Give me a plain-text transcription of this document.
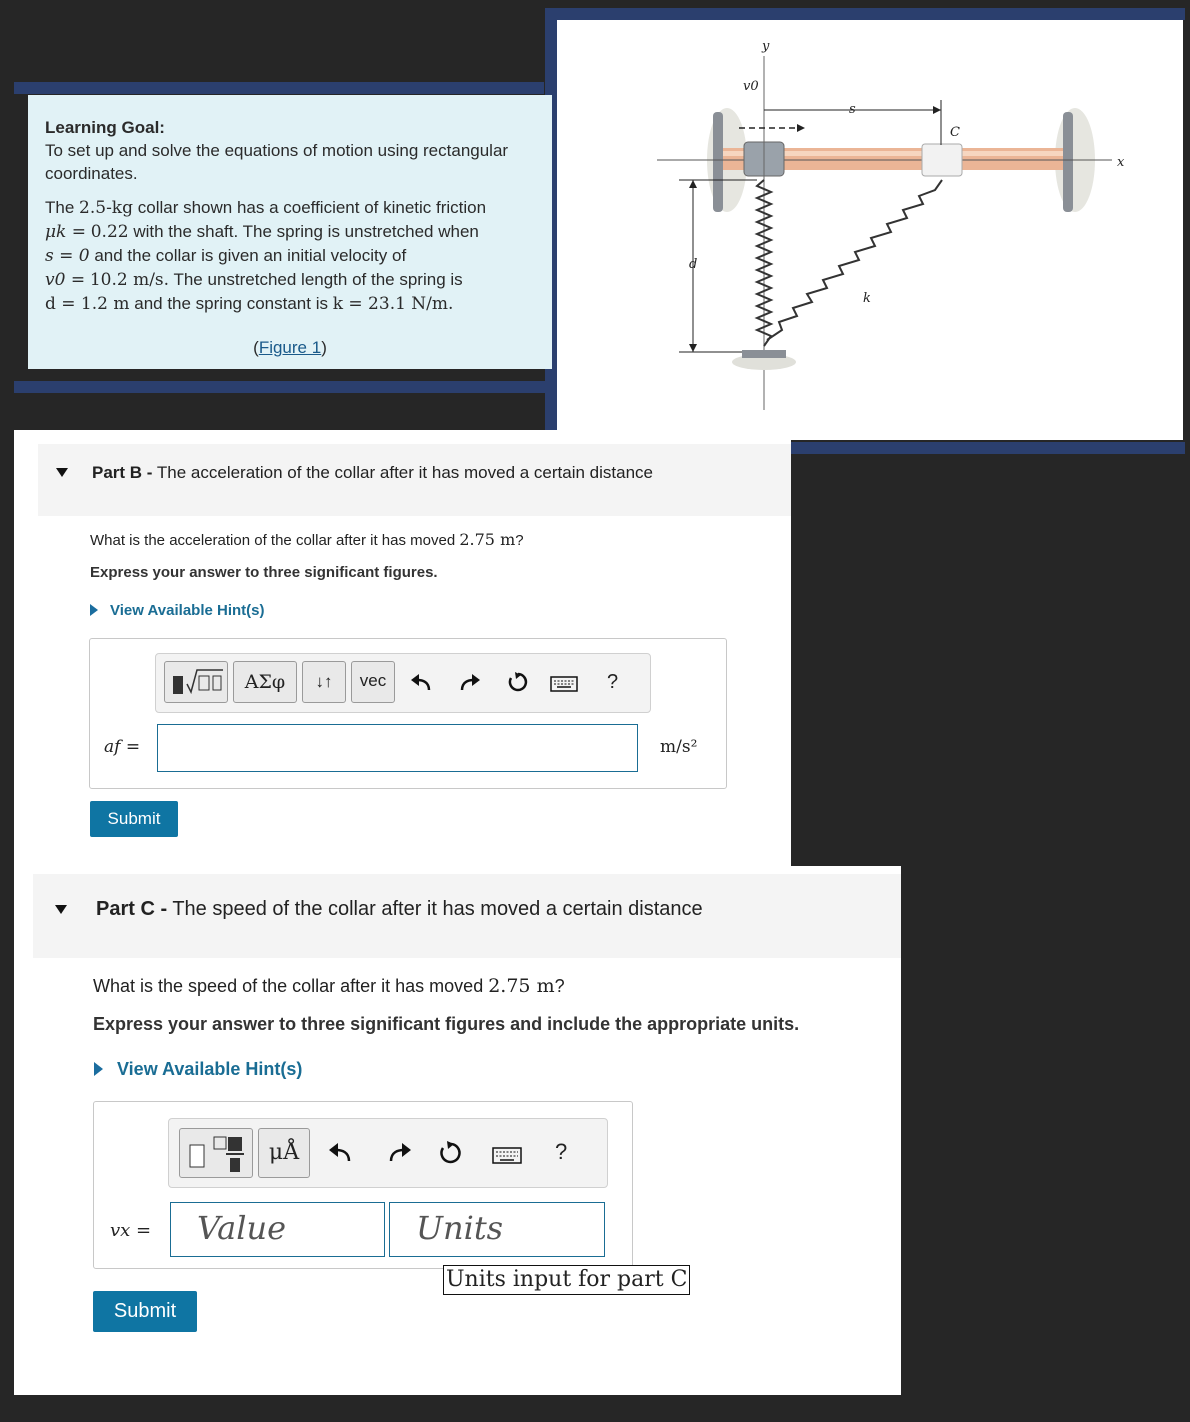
Learning Goal:
To set up and solve the equations of motion using rectangular coordinates.
The 2.5-kg collar shown has a coefficient of kinetic friction
μk = 0.22 with the shaft. The spring is unstretched when
s = 0 and the collar is given an initial velocity of
v0 = 10.2 m/s. The unstretched length of the spring is
d = 1.2 m and the spring constant is k = 23.1 N/m.
(Figure 1)
y
v0
s
C
x
d
k
Part B - The acceleration of the collar after it has moved a certain distance
What is the acceleration of the collar after it has moved 2.75 m?
Express your answer to three significant figures.
View Available Hint(s)
ΑΣφ	↓↑	vec	?
af =	m/s²
Submit
Part C - The speed of the collar after it has moved a certain distance
What is the speed of the collar after it has moved 2.75 m?
Express your answer to three significant figures and include the appropriate units.
View Available Hint(s)
μÅ	?
vx =	Value	Units
Units input for part C
Submit
